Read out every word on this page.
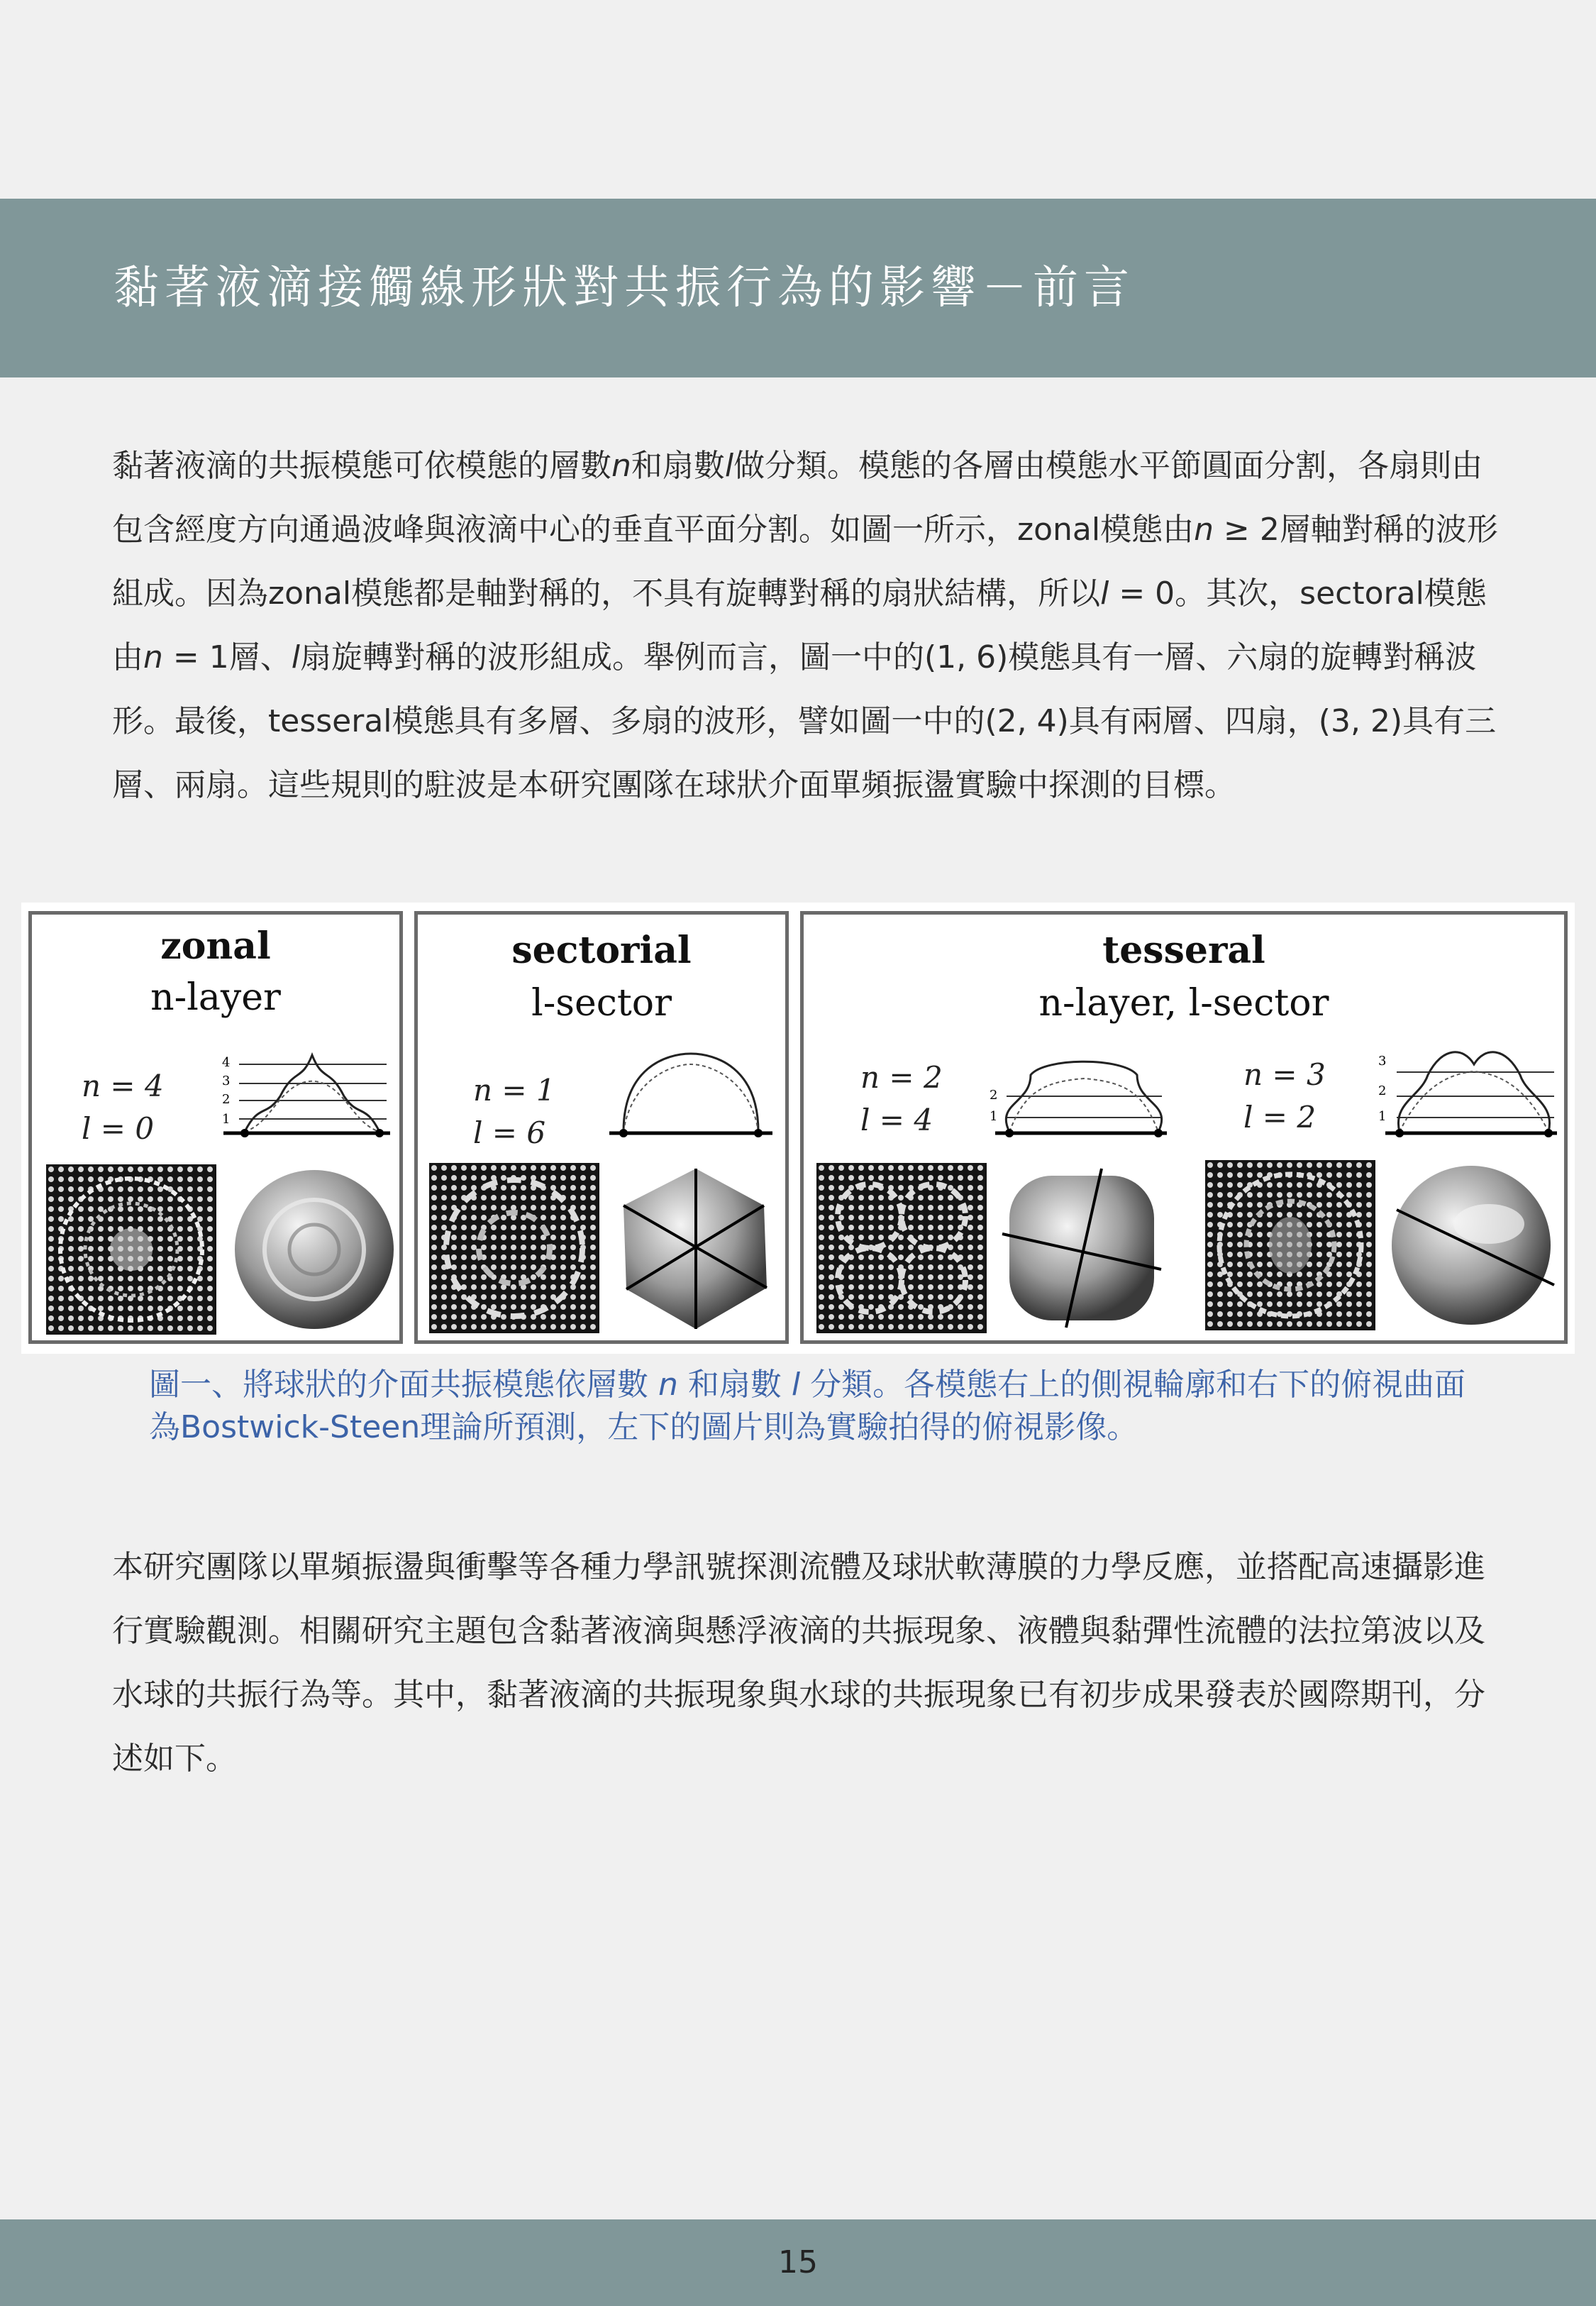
黏著液滴接觸線形狀對共振行為的影響－前言

黏著液滴的共振模態可依模態的層數n和扇數l做分類。模態的各層由模態水平節圓面分割，各扇則由包含經度方向通過波峰與液滴中心的垂直平面分割。如圖一所示，zonal模態由n ≥ 2層軸對稱的波形組成。因為zonal模態都是軸對稱的，不具有旋轉對稱的扇狀結構，所以l = 0。其次，sectoral模態由n = 1層、l扇旋轉對稱的波形組成。舉例而言，圖一中的(1, 6)模態具有一層、六扇的旋轉對稱波形。最後，tesseral模態具有多層、多扇的波形，譬如圖一中的(2, 4)具有兩層、四扇，(3, 2)具有三層、兩扇。這些規則的駐波是本研究團隊在球狀介面單頻振盪實驗中探測的目標。

zonal
n-layer
n = 4
l = 0
4
3
2
1
sectorial
l-sector
n = 1
l = 6
tesseral
n-layer, l-sector
n = 2
l = 4
2
1
n = 3
l = 2
3
2
1

圖一、將球狀的介面共振模態依層數 n 和扇數 l 分類。各模態右上的側視輪廓和右下的俯視曲面為Bostwick-Steen理論所預測，左下的圖片則為實驗拍得的俯視影像。

本研究團隊以單頻振盪與衝擊等各種力學訊號探測流體及球狀軟薄膜的力學反應，並搭配高速攝影進行實驗觀測。相關研究主題包含黏著液滴與懸浮液滴的共振現象、液體與黏彈性流體的法拉第波以及水球的共振行為等。其中，黏著液滴的共振現象與水球的共振現象已有初步成果發表於國際期刊，分述如下。

15
